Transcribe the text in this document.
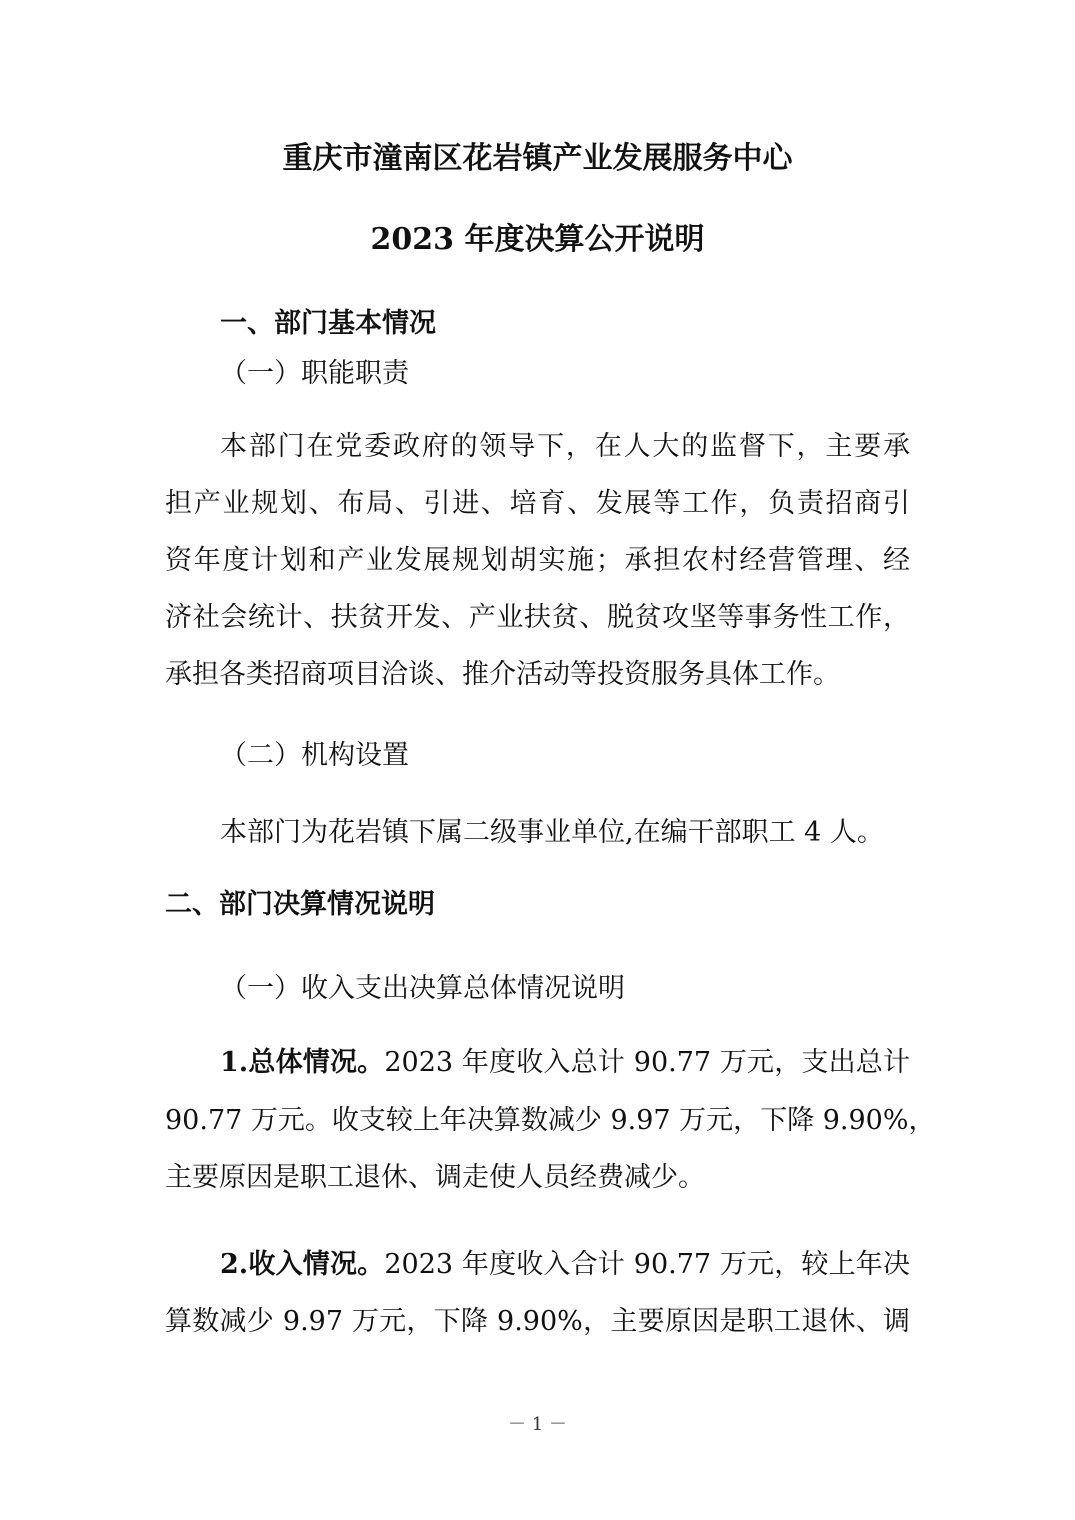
重庆市潼南区花岩镇产业发展服务中心
2023 年度决算公开说明
一、部门基本情况
（一）职能职责
本部门在党委政府的领导下，在人大的监督下，主要承
担产业规划、布局、引进、培育、发展等工作，负责招商引
资年度计划和产业发展规划胡实施；承担农村经营管理、经
济社会统计、扶贫开发、产业扶贫、脱贫攻坚等事务性工作，
承担各类招商项目洽谈、推介活动等投资服务具体工作。
（二）机构设置
本部门为花岩镇下属二级事业单位,在编干部职工 4 人。
二、部门决算情况说明
（一）收入支出决算总体情况说明
1.总体情况。2023 年度收入总计 90.77 万元，支出总计
90.77 万元。收支较上年决算数减少 9.97 万元，下降 9.90%，
主要原因是职工退休、调走使人员经费减少。
2.收入情况。2023 年度收入合计 90.77 万元，较上年决
算数减少 9.97 万元，下降 9.90%，主要原因是职工退休、调
－ 1 －
